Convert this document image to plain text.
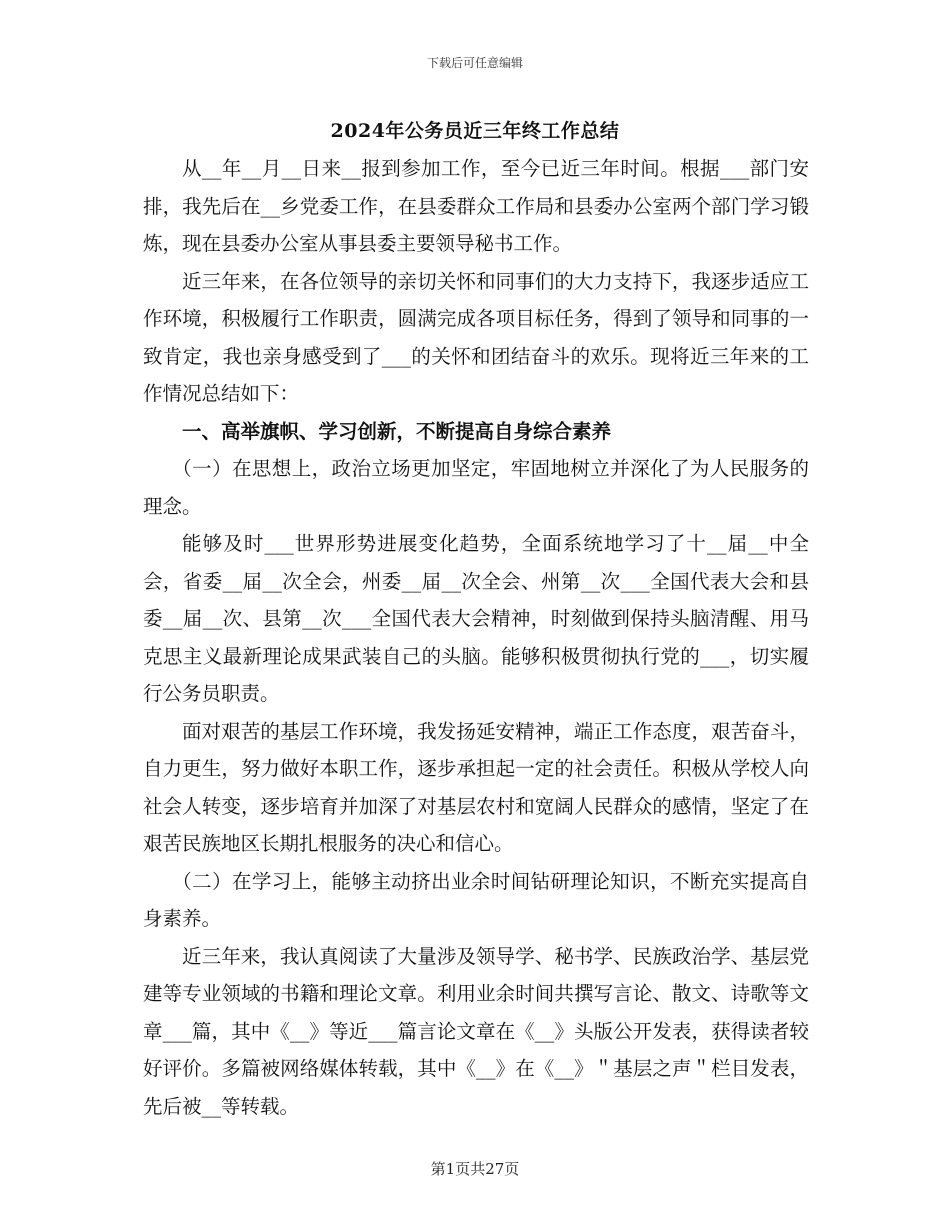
下载后可任意编辑
2024年公务员近三年终工作总结

从__年__月__日来__报到参加工作，至今已近三年时间。根据___部门安排，我先后在__乡党委工作，在县委群众工作局和县委办公室两个部门学习锻炼，现在县委办公室从事县委主要领导秘书工作。

近三年来，在各位领导的亲切关怀和同事们的大力支持下，我逐步适应工作环境，积极履行工作职责，圆满完成各项目标任务，得到了领导和同事的一致肯定，我也亲身感受到了___的关怀和团结奋斗的欢乐。现将近三年来的工作情况总结如下：

一、高举旗帜、学习创新，不断提高自身综合素养

（一）在思想上，政治立场更加坚定，牢固地树立并深化了为人民服务的理念。

能够及时___世界形势进展变化趋势，全面系统地学习了十__届__中全会，省委__届__次全会，州委__届__次全会、州第__次___全国代表大会和县委__届__次、县第__次___全国代表大会精神，时刻做到保持头脑清醒、用马克思主义最新理论成果武装自己的头脑。能够积极贯彻执行党的___，切实履行公务员职责。

面对艰苦的基层工作环境，我发扬延安精神，端正工作态度，艰苦奋斗，自力更生，努力做好本职工作，逐步承担起一定的社会责任。积极从学校人向社会人转变，逐步培育并加深了对基层农村和宽阔人民群众的感情，坚定了在艰苦民族地区长期扎根服务的决心和信心。

（二）在学习上，能够主动挤出业余时间钻研理论知识，不断充实提高自身素养。

近三年来，我认真阅读了大量涉及领导学、秘书学、民族政治学、基层党建等专业领域的书籍和理论文章。利用业余时间共撰写言论、散文、诗歌等文章___篇，其中《__》等近___篇言论文章在《__》头版公开发表，获得读者较好评价。多篇被网络媒体转载，其中《__》在《__》＂基层之声＂栏目发表，先后被__等转载。

第1页共27页
